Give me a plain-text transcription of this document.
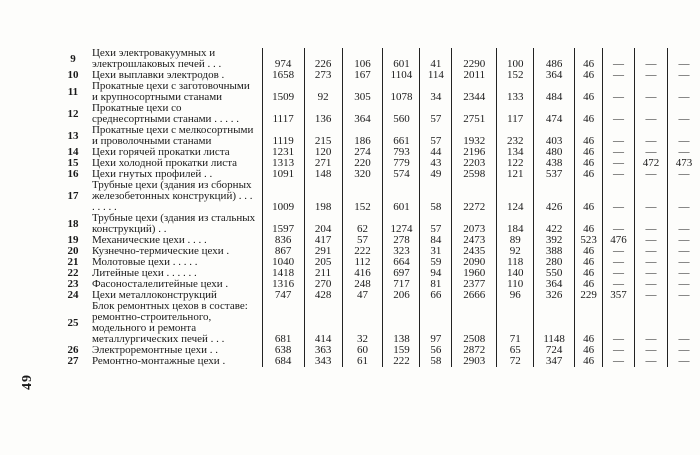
49
9	Цехи электровакуумных и электрошлаковых печей . . .	974	226	106	601	41	2290	100	486	46	—	—	—
10	Цехи выплавки электродов .	1658	273	167	1104	114	2011	152	364	46	—	—	—
11	Прокатные цехи с заготовочными и крупносортными станами	1509	92	305	1078	34	2344	133	484	46	—	—	—
12	Прокатные цехи со среднесортными станами . . . . .	1117	136	364	560	57	2751	117	474	46	—	—	—
13	Прокатные цехи с мелкосортными и проволочными станами	1119	215	186	661	57	1932	232	403	46	—	—	—
14	Цехи горячей прокатки листа	1231	120	274	793	44	2196	134	480	46	—	—	—
15	Цехи холодной прокатки листа	1313	271	220	779	43	2203	122	438	46	—	472	473
16	Цехи гнутых профилей . .	1091	148	320	574	49	2598	121	537	46	—	—	—
17	Трубные цехи (здания из сборных железобетонных конструкций) . . . . . . . .	1009	198	152	601	58	2272	124	426	46	—	—	—
18	Трубные цехи (здания из стальных конструкций) . .	1597	204	62	1274	57	2073	184	422	46	—	—	—
19	Механические цехи . . . .	836	417	57	278	84	2473	89	392	523	476	—	—
20	Кузнечно-термические цехи .	867	291	222	323	31	2435	92	388	46	—	—	—
21	Молотовые цехи . . . . .	1040	205	112	664	59	2090	118	280	46	—	—	—
22	Литейные цехи . . . . . .	1418	211	416	697	94	1960	140	550	46	—	—	—
23	Фасоносталелитейные цехи .	1316	270	248	717	81	2377	110	364	46	—	—	—
24	Цехи металлоконструкций	747	428	47	206	66	2666	96	326	229	357	—	—
25	Блок ремонтных цехов в составе: ремонтно-строительного, модельного и ремонта металлургических печей . . .	681	414	32	138	97	2508	71	1148	46	—	—	—
26	Электроремонтные цехи . .	638	363	60	159	56	2872	65	724	46	—	—	—
27	Ремонтно-монтажные цехи .	684	343	61	222	58	2903	72	347	46	—	—	—
